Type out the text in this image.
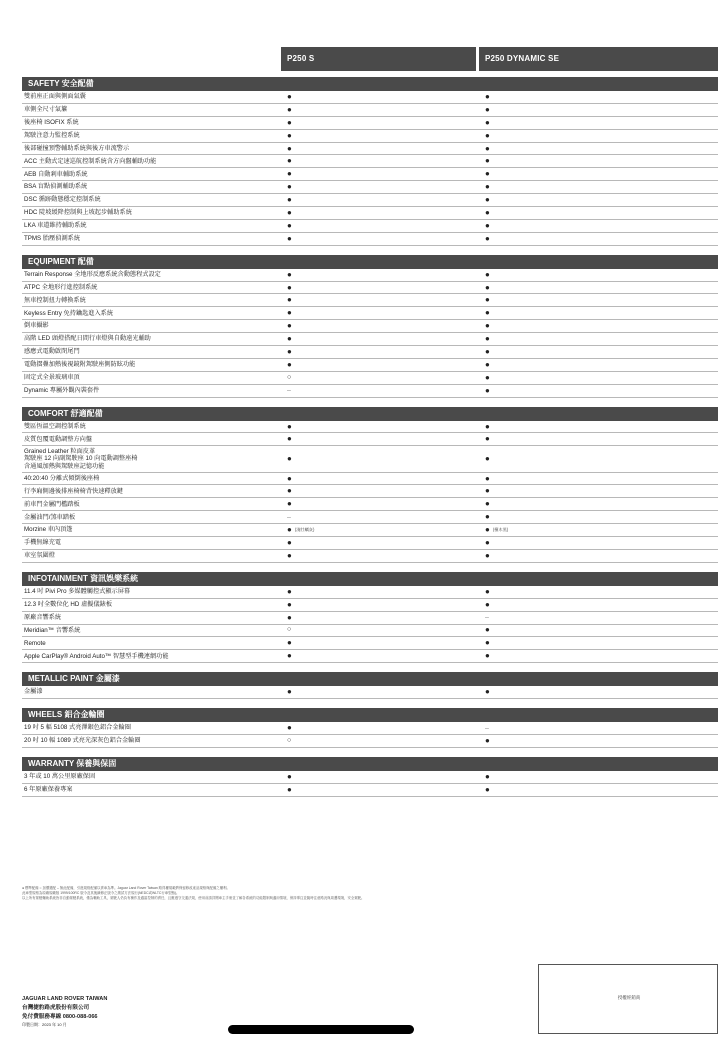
P250 S	P250 DYNAMIC SE
SAFETY 安全配備
雙前座正面與側面氣囊	●	●
車側全尺寸氣簾	●	●
後座椅 ISOFIX 系統	●	●
駕駛注意力監控系統	●	●
後部碰撞預警輔助系統與後方車流警示	●	●
ACC 主動式定速巡航控制系統含方向盤輔助功能	●	●
AEB 自動剎車輔助系統	●	●
BSA 盲點偵測輔助系統	●	●
DSC 循跡動態穩定控制系統	●	●
HDC 陡坡緩降控制與上坡起步輔助系統	●	●
LKA 車道維持輔助系統	●	●
TPMS 胎壓偵測系統	●	●
EQUIPMENT 配備
Terrain Response 全地形反應系統含動態程式設定	●	●
ATPC 全地形行進控制系統	●	●
無車控制扭力轉換系統	●	●
Keyless Entry 免持鑰匙進入系統	●	●
倒車攝影	●	●
高階 LED 頭燈搭配日間行車燈與自動遠光輔助	●	●
感應式電動啟閉尾門	●	●
電動摺疊加熱後視鏡附駕駛座側防眩功能	●	●
固定式全景玻璃車頂	○	●
Dynamic 專屬外觀內裝套件	–	●
COMFORT 舒適配備
雙區恆溫空調控制系統	●	●
皮質包覆電動調整方向盤	●	●
Grained Leather 粒面皮革
駕駛座 12 向副駕駛座 10 向電動調整座椅
含通風加熱與駕駛座記憶功能
●	●
40:20:40 分離式傾倒後座椅	●	●
行李廂側邊後排座椅椅背快速釋放鍵	●	●
前車門金屬門檻踏板	●	●
金屬油門/煞車踏板	–	●
Morzine 車內頂篷	● (淺牡蠣灰)	● (檀木黑)
手機無線充電	●	●
車室氛圍燈	●	●
INFOTAINMENT 資訊娛樂系統
11.4 吋 Pivi Pro 多媒體觸控式顯示屏幕	●	●
12.3 吋全數位化 HD 虛擬儀錶板	●	●
原廠音響系統	●	–
Meridian™ 音響系統	○	●
Remote	●	●
Apple CarPlay® Android Auto™ 智慧型手機連網功能	●	●
METALLIC PAINT 金屬漆
金屬漆	●	●
WHEELS 鋁合金輪圈
19 吋 5 輻 5108 式亮澤銀色鋁合金輪圈	●	–
20 吋 10 輻 1089 式亮光深灰色鋁合金輪圈	○	●
WARRANTY 保養與保固
3 年或 10 萬公里原廠保固	●	●
6 年原廠保養專案	●	●
● 標準配備 ○ 加價選配 – 無此配備，引進規格配備以實車為準。Jaguar Land Rover Taiwan 路得權規範將保留修改產品規格與配備之權利。
此車型規格為原廠規範版 1999/100RC 版今及其後續修正版今之測試方法規行(NEDC或WLTC行車型態)。
以上所有駕駛輔助系統皆非自動駕駛系統，僅為輔助工具，駕駛人仍負有操作及適當控制的責任，且應遵守交通法規，使用前請詳閱車主手冊並了解各系統的功能限制與適用情境，保持專注並隨時注意路況與周遭環境，安全駕駛。
JAGUAR LAND ROVER TAIWAN
台灣捷豹路虎股份有限公司
免付費服務專線 0800-088-066
印製日期：2023 年 10 月
授權經銷商
